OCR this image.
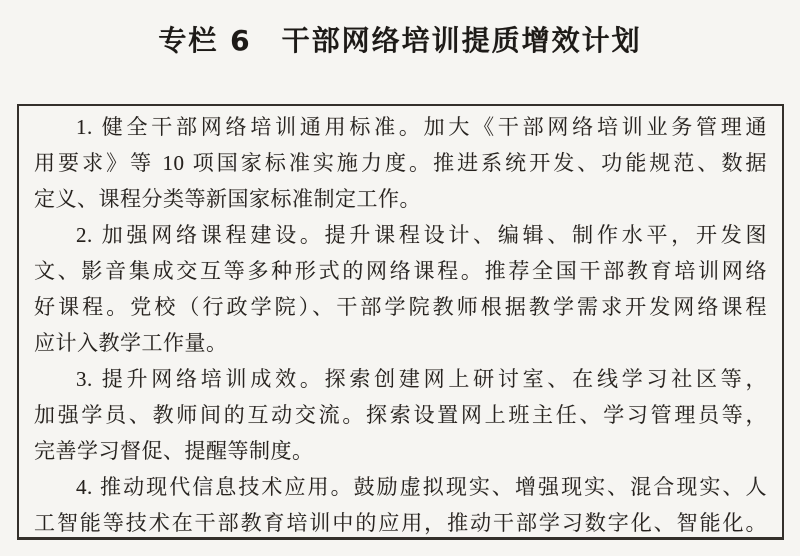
专栏 6　干部网络培训提质增效计划

1. 健全干部网络培训通用标准。加大《干部网络培训业务管理通
用要求》等 10 项国家标准实施力度。推进系统开发、功能规范、数据
定义、课程分类等新国家标准制定工作。

2. 加强网络课程建设。提升课程设计、编辑、制作水平，开发图
文、影音集成交互等多种形式的网络课程。推荐全国干部教育培训网络
好课程。党校（行政学院）、干部学院教师根据教学需求开发网络课程
应计入教学工作量。

3. 提升网络培训成效。探索创建网上研讨室、在线学习社区等，
加强学员、教师间的互动交流。探索设置网上班主任、学习管理员等，
完善学习督促、提醒等制度。

4. 推动现代信息技术应用。鼓励虚拟现实、增强现实、混合现实、人
工智能等技术在干部教育培训中的应用，推动干部学习数字化、智能化。
